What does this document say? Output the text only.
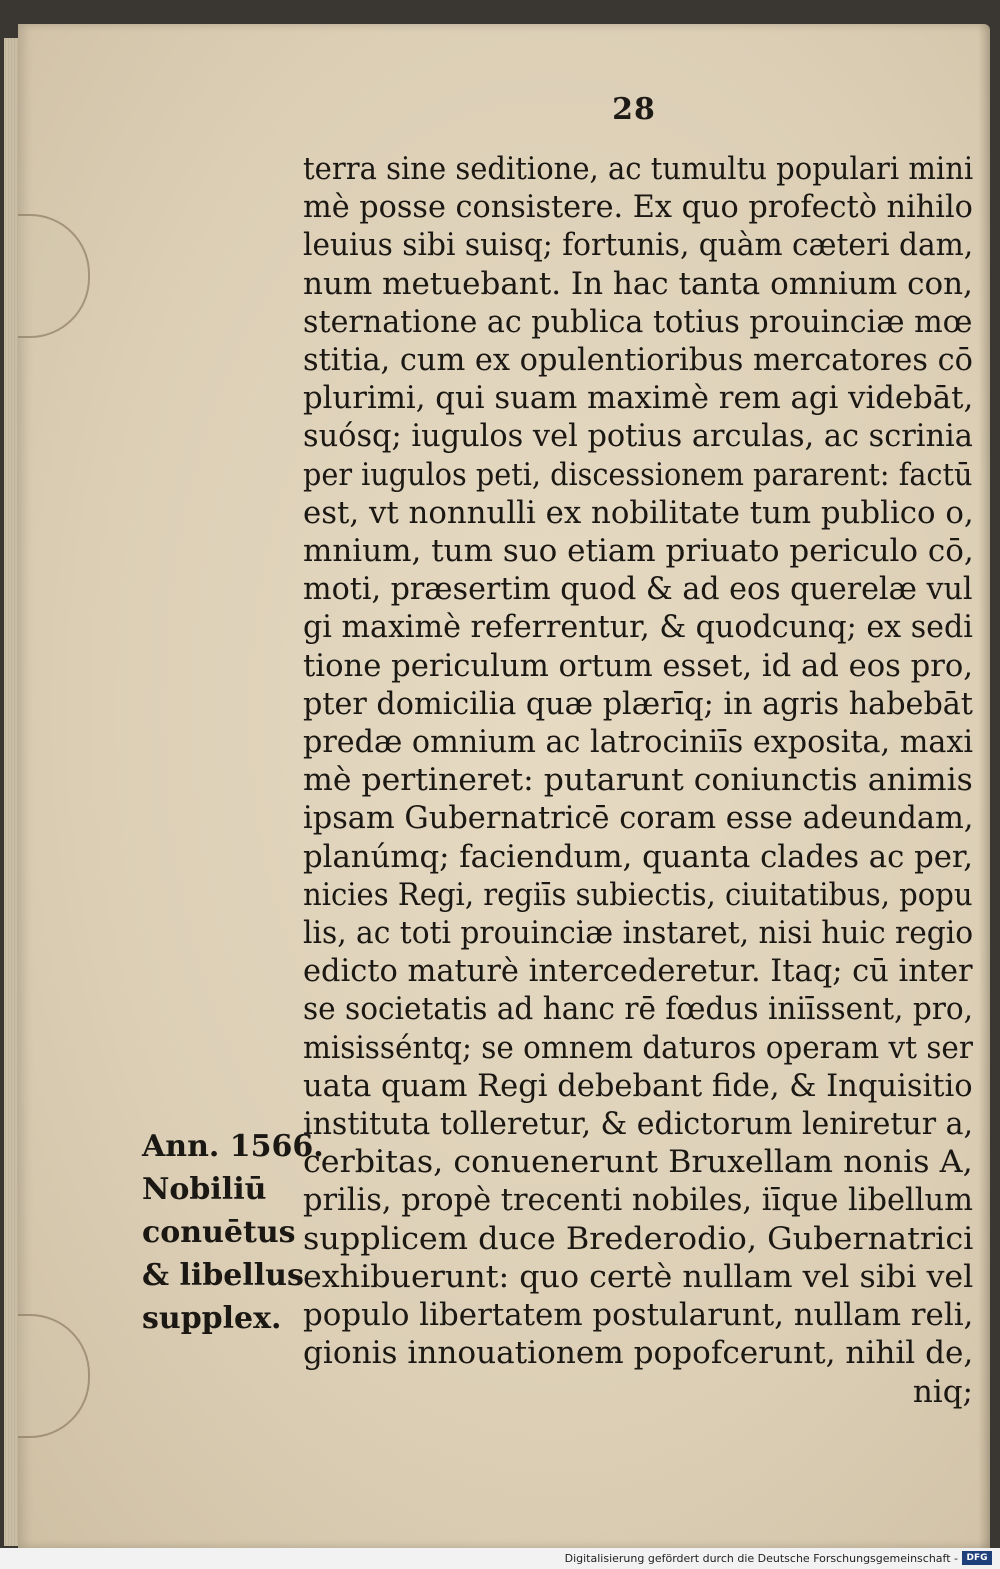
28
terra sine seditione, ac tumultu populari mini
mè posse consistere. Ex quo profectò nihilo
leuius sibi suisq; fortunis, quàm cæteri dam,
num metuebant. In hac tanta omnium con,
sternatione ac publica totius prouinciæ mœ
stitia, cum ex opulentioribus mercatores cō
plurimi, qui suam maximè rem agi videbāt,
suósq; iugulos vel potius arculas, ac scrinia
per iugulos peti, discessionem pararent: factū
est, vt nonnulli ex nobilitate tum publico o,
mnium, tum suo etiam priuato periculo cō,
moti, præsertim quod & ad eos querelæ vul
gi maximè referrentur, & quodcunq; ex sedi
tione periculum ortum esset, id ad eos pro,
pter domicilia quæ plærīq; in agris habebāt
predæ omnium ac latrociniīs exposita, maxi
mè pertineret: putarunt coniunctis animis
ipsam Gubernatricē coram esse adeundam,
planúmq; faciendum, quanta clades ac per,
nicies Regi, regiīs subiectis, ciuitatibus, popu
lis, ac toti prouinciæ instaret, nisi huic regio
edicto maturè intercederetur. Itaq; cū inter
se societatis ad hanc rē fœdus iniīssent, pro,
misisséntq; se omnem daturos operam vt ser
uata quam Regi debebant fide, & Inquisitio
instituta tolleretur, & edictorum leniretur a,
cerbitas, conuenerunt Bruxellam nonis A,
prilis, propè trecenti nobiles, iīque libellum
supplicem duce Brederodio, Gubernatrici
exhibuerunt: quo certè nullam vel sibi vel
populo libertatem postularunt, nullam reli,
gionis innouationem popofcerunt, nihil de,
niq;
Ann. 1566.
Nobiliū
conuētus
& libellus
supplex.
Digitalisierung gefördert durch die Deutsche Forschungsgemeinschaft - DFG
